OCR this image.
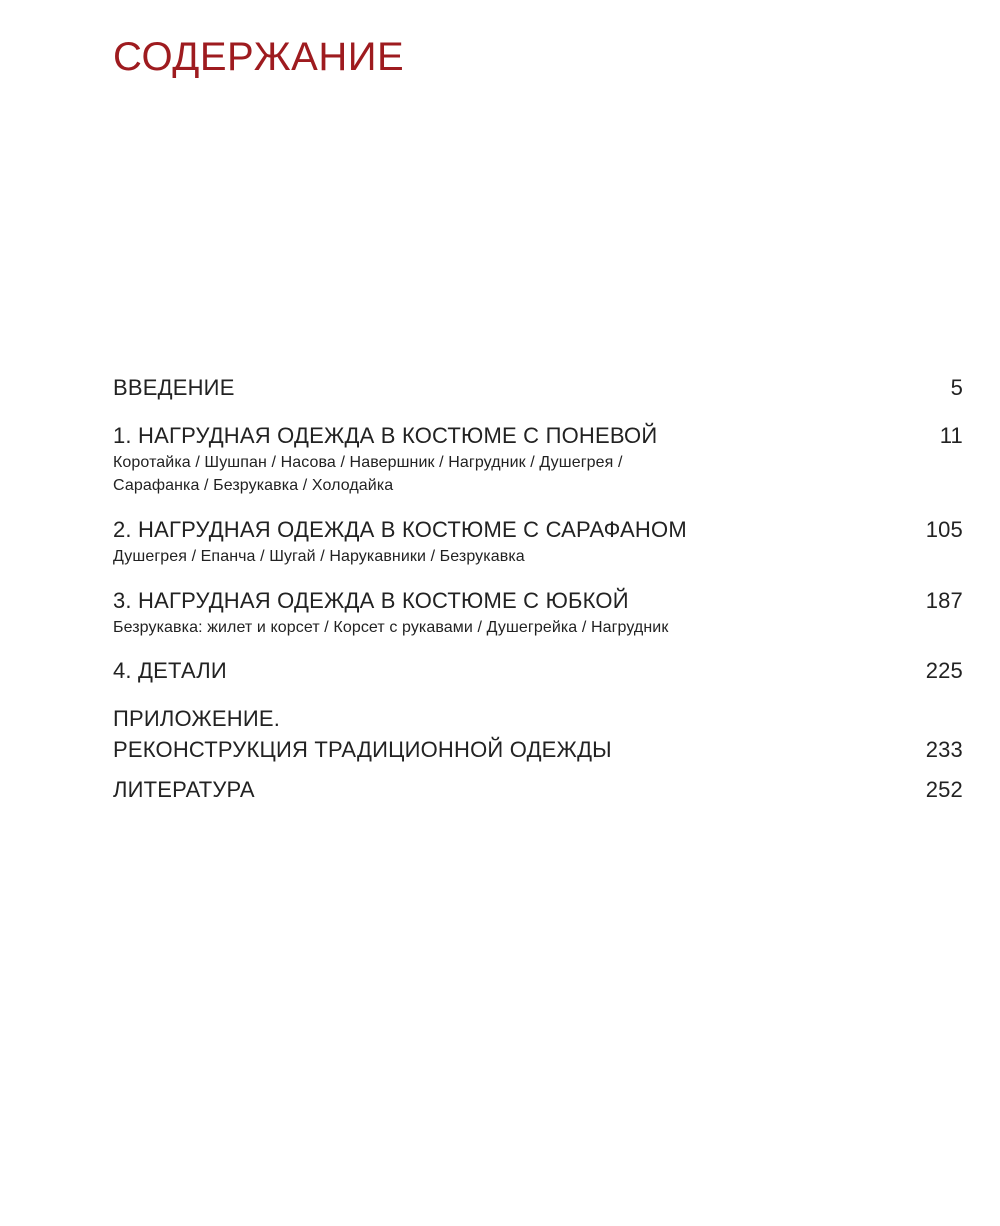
СОДЕРЖАНИЕ
ВВЕДЕНИЕ	5
1. НАГРУДНАЯ ОДЕЖДА В КОСТЮМЕ С ПОНЕВОЙ	11
Коротайка / Шушпан / Насова / Навершник / Нагрудник / Душегрея /
Сарафанка / Безрукавка / Холодайка
2. НАГРУДНАЯ ОДЕЖДА В КОСТЮМЕ С САРАФАНОМ	105
Душегрея / Епанча / Шугай / Нарукавники / Безрукавка
3. НАГРУДНАЯ ОДЕЖДА В КОСТЮМЕ С ЮБКОЙ	187
Безрукавка: жилет и корсет / Корсет с рукавами / Душегрейка / Нагрудник
4. ДЕТАЛИ	225
ПРИЛОЖЕНИЕ.
РЕКОНСТРУКЦИЯ ТРАДИЦИОННОЙ ОДЕЖДЫ	233
ЛИТЕРАТУРА	252
